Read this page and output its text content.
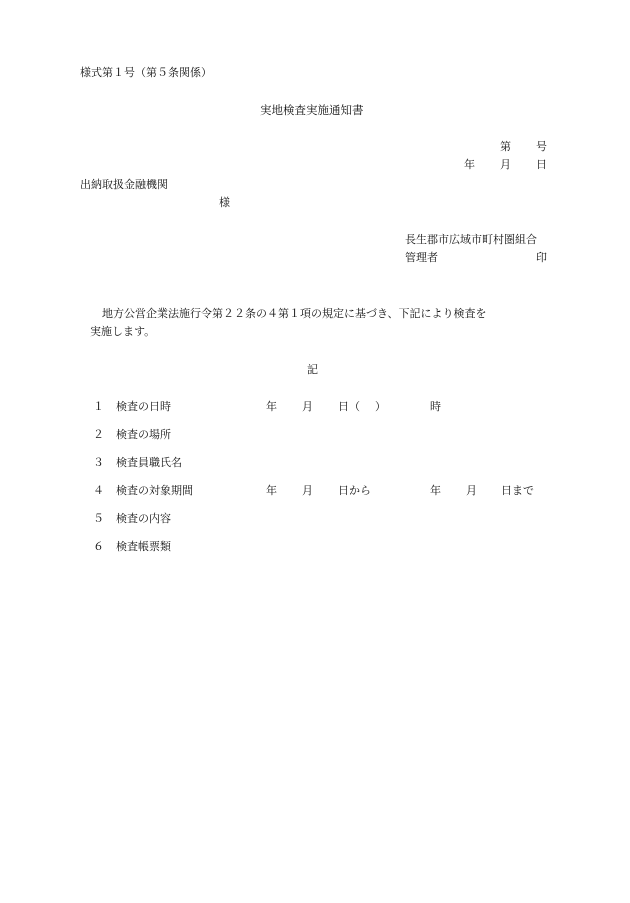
様式第１号（第５条関係）

実地検査実施通知書

第 号
年 月 日

出納取扱金融機関

様

長生郡市広域市町村圏組合

管理者	印

地方公営企業法施行令第２２条の４第１項の規定に基づき、下記により検査を

実施します。

記

１ 検査の日時	年 月 日（ ）	時
２ 検査の場所
３ 検査員職氏名
４ 検査の対象期間	年 月 日から	年 月 日まで
５ 検査の内容
６ 検査帳票類
